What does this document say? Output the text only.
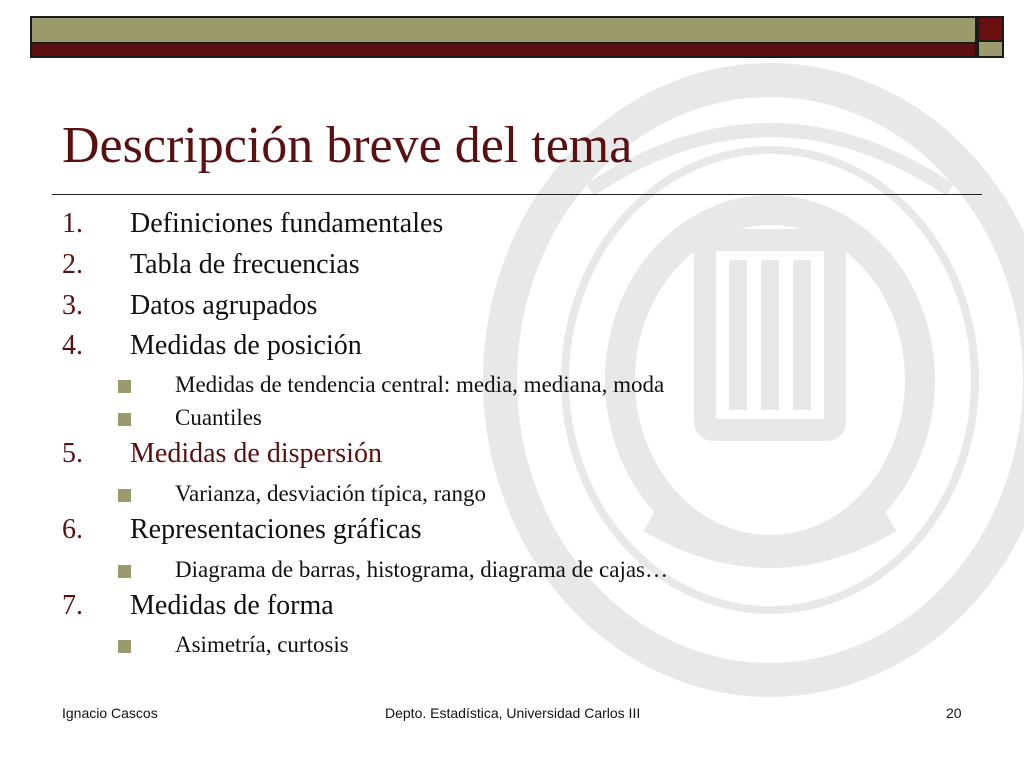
Descripción breve del tema
1. Definiciones fundamentales
2. Tabla de frecuencias
3. Datos agrupados
4. Medidas de posición
Medidas de tendencia central: media, mediana, moda
Cuantiles
5. Medidas de dispersión
Varianza, desviación típica, rango
6. Representaciones gráficas
Diagrama de barras, histograma, diagrama de cajas…
7. Medidas de forma
Asimetría, curtosis
Ignacio Cascos	Depto. Estadística, Universidad Carlos III	20
